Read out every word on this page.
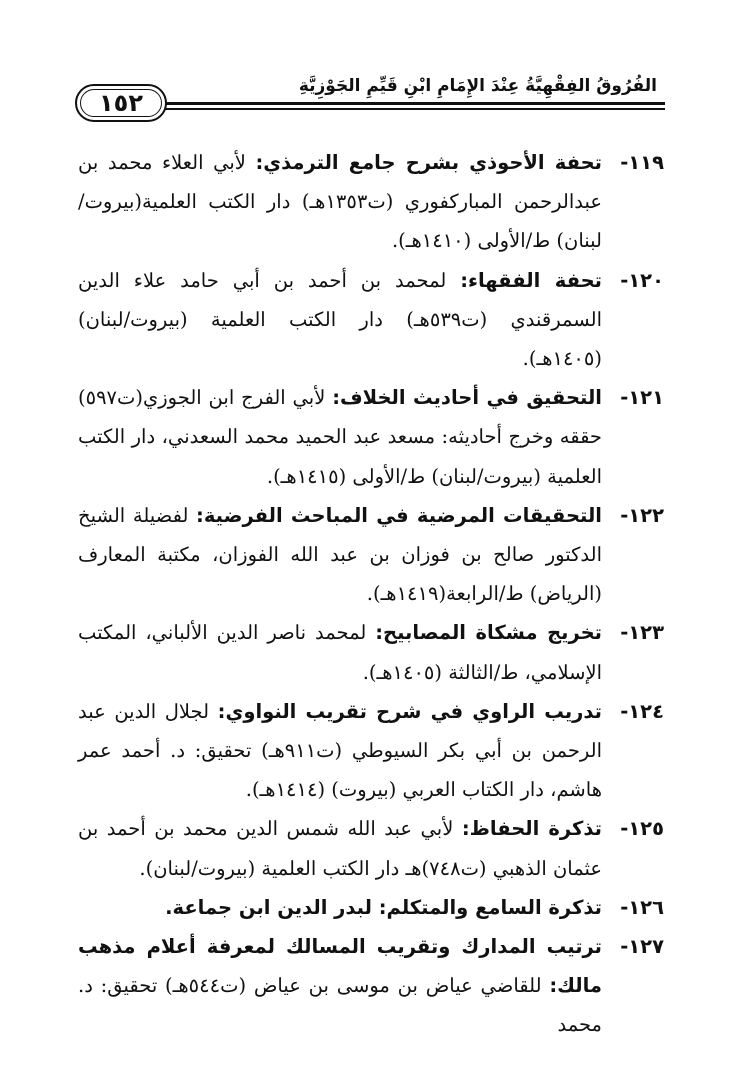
١٥٢
الفُرُوقُ الفِقْهِيَّةُ عِنْدَ الإِمَامِ ابْنِ قَيِّمِ الجَوْزِيَّةِ
١١٩-
تحفة الأحوذي بشرح جامع الترمذي: لأبي العلاء محمد بن عبدالرحمن المباركفوري (ت١٣٥٣هـ) دار الكتب العلمية(بيروت/ لبنان) ط/الأولى (١٤١٠هـ).
١٢٠-
تحفة الفقهاء: لمحمد بن أحمد بن أبي حامد علاء الدين السمرقندي (ت٥٣٩هـ) دار الكتب العلمية (بيروت/لبنان) (١٤٠٥هـ).
١٢١-
التحقيق في أحاديث الخلاف: لأبي الفرج ابن الجوزي(ت٥٩٧) حققه وخرج أحاديثه: مسعد عبد الحميد محمد السعدني، دار الكتب العلمية (بيروت/لبنان) ط/الأولى (١٤١٥هـ).
١٢٢-
التحقيقات المرضية في المباحث الفرضية: لفضيلة الشيخ الدكتور صالح بن فوزان بن عبد الله الفوزان، مكتبة المعارف (الرياض) ط/الرابعة(١٤١٩هـ).
١٢٣-
تخريج مشكاة المصابيح: لمحمد ناصر الدين الألباني، المكتب الإسلامي، ط/الثالثة (١٤٠٥هـ).
١٢٤-
تدريب الراوي في شرح تقريب النواوي: لجلال الدين عبد الرحمن بن أبي بكر السيوطي (ت٩١١هـ) تحقيق: د. أحمد عمر هاشم، دار الكتاب العربي (بيروت) (١٤١٤هـ).
١٢٥-
تذكرة الحفاظ: لأبي عبد الله شمس الدين محمد بن أحمد بن عثمان الذهبي (ت٧٤٨)هـ دار الكتب العلمية (بيروت/لبنان).
١٢٦-
تذكرة السامع والمتكلم: لبدر الدين ابن جماعة.
١٢٧-
ترتيب المدارك وتقريب المسالك لمعرفة أعلام مذهب مالك: للقاضي عياض بن موسى بن عياض (ت٥٤٤هـ) تحقيق: د. محمد
